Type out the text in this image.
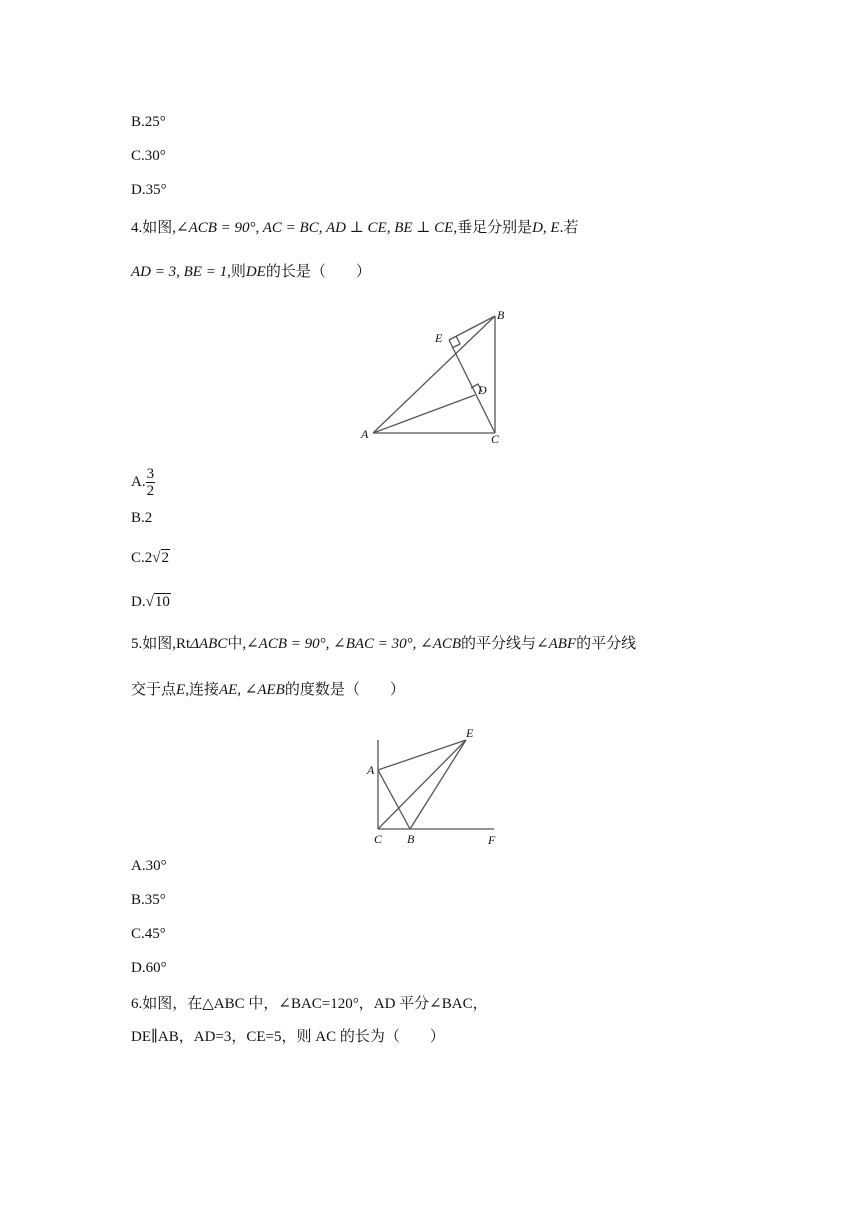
B.25°
C.30°
D.35°
4.如图,∠ACB = 90°, AC = BC, AD ⊥ CE, BE ⊥ CE,垂足分别是D, E.若
AD = 3, BE = 1,则DE的长是（　　）
A
B
C
D
E
A. $\frac{3}{2}$
B.2
C.2√2
D.√10
5.如图,RtΔABC中,∠ACB = 90°, ∠BAC = 30°, ∠ACB的平分线与∠ABF的平分线
交于点E,连接AE, ∠AEB的度数是（　　）
A
B
C
E
F
A.30°
B.35°
C.45°
D.60°
6.如图，在△ABC 中，∠BAC=120°，AD 平分∠BAC，
DE∥AB，AD=3，CE=5，则 AC 的长为（　　）
